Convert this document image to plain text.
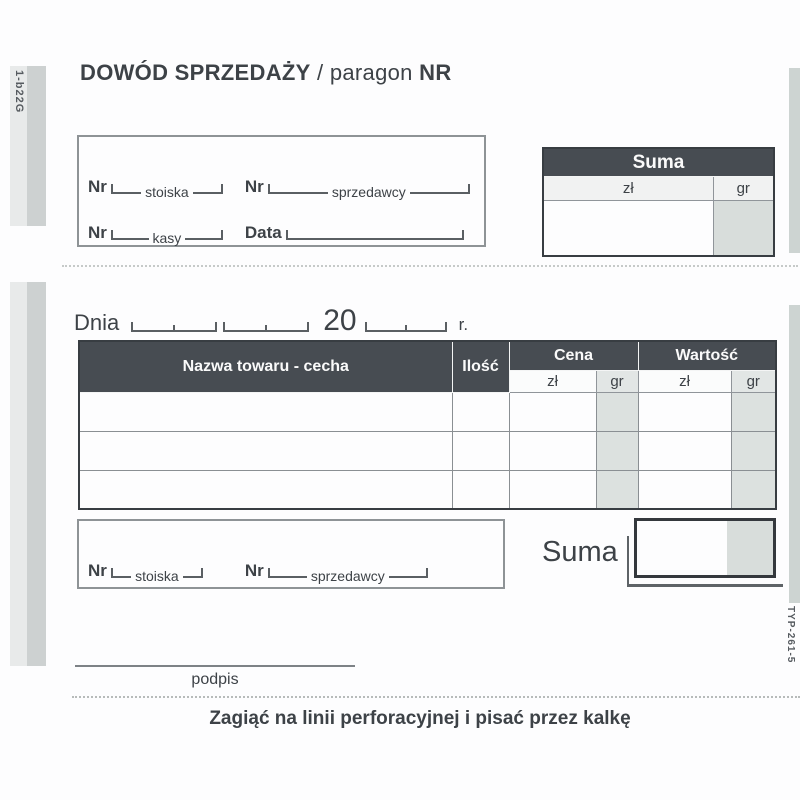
1-b22G
TYP-261-5
DOWÓD SPRZEDAŻY / paragon NR
Nr	stoiska	Nr	sprzedawcy
Nr	kasy	Data
Suma	
zł	gr

Dnia	20	r.
Nazwa towaru - cecha	Ilość	Cena		Wartość	
		zł	gr	zł	gr

Nr stoiska	Nr	sprzedawcy
Suma
podpis
Zagiąć na linii perforacyjnej i pisać przez kalkę
